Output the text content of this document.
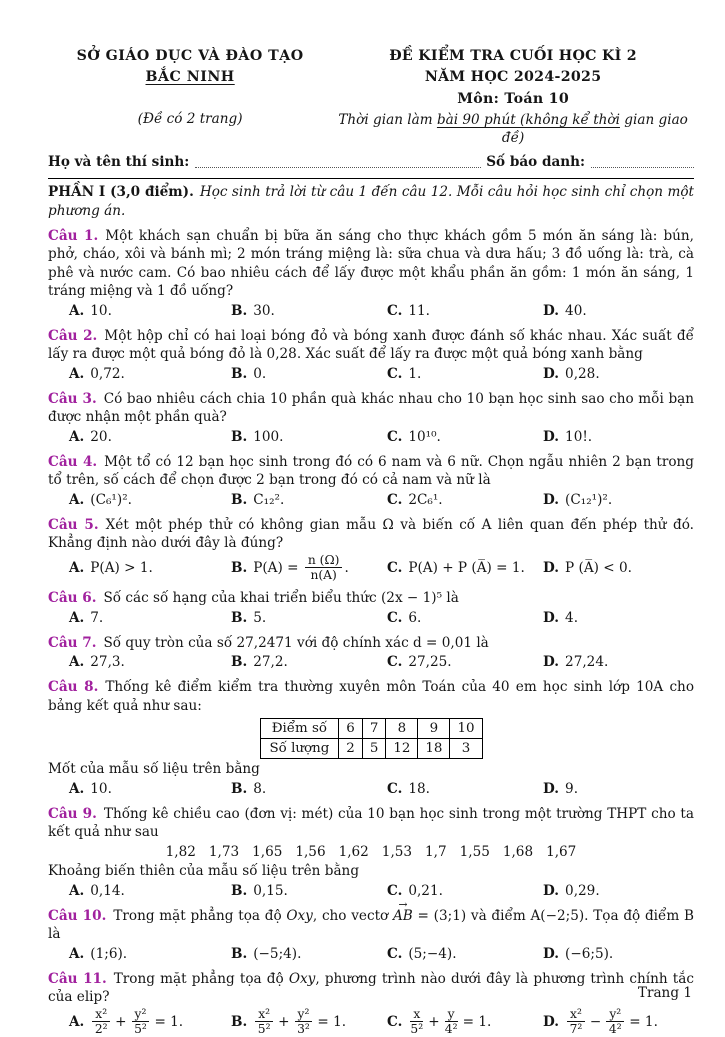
SỞ GIÁO DỤC VÀ ĐÀO TẠO
BẮC NINH
(Đề có 2 trang)
ĐỀ KIỂM TRA CUỐI HỌC KÌ 2
NĂM HỌC 2024-2025
Môn: Toán 10
Thời gian làm bài 90 phút (không kể thời gian giao đề)
Họ và tên thí sinh:	Số báo danh:

PHẦN I (3,0 điểm). Học sinh trả lời từ câu 1 đến câu 12. Mỗi câu hỏi học sinh chỉ chọn một phương án.

Câu 1. Một khách sạn chuẩn bị bữa ăn sáng cho thực khách gồm 5 món ăn sáng là: bún, phở, cháo, xôi và bánh mì; 2 món tráng miệng là: sữa chua và dưa hấu; 3 đồ uống là: trà, cà phê và nước cam. Có bao nhiêu cách để lấy được một khẩu phần ăn gồm: 1 món ăn sáng, 1 tráng miệng và 1 đồ uống?

A. 10.	B. 30.	C. 11.	D. 40.

Câu 2. Một hộp chỉ có hai loại bóng đỏ và bóng xanh được đánh số khác nhau. Xác suất để lấy ra được một quả bóng đỏ là 0,28. Xác suất để lấy ra được một quả bóng xanh bằng

A. 0,72.	B. 0.	C. 1.	D. 0,28.

Câu 3. Có bao nhiêu cách chia 10 phần quà khác nhau cho 10 bạn học sinh sao cho mỗi bạn được nhận một phần quà?

A. 20.	B. 100.	C. 10¹⁰.	D. 10!.

Câu 4. Một tổ có 12 bạn học sinh trong đó có 6 nam và 6 nữ. Chọn ngẫu nhiên 2 bạn trong tổ trên, số cách để chọn được 2 bạn trong đó có cả nam và nữ là

A. (C₆¹)².	B. C₁₂².	C. 2C₆¹.	D. (C₁₂¹)².

Câu 5. Xét một phép thử có không gian mẫu Ω và biến cố A liên quan đến phép thử đó. Khẳng định nào dưới đây là đúng?

A. P(A) > 1.	B. $P(A) = \frac{n (\Omega)}{n(A)}$ .	C. P(A) + P (A̅) = 1.	D. P (A̅) < 0.

Câu 6. Số các số hạng của khai triển biểu thức (2x − 1)⁵ là

A. 7.	B. 5.	C. 6.	D. 4.

Câu 7. Số quy tròn của số 27,2471 với độ chính xác d = 0,01 là

A. 27,3.	B. 27,2.	C. 27,25.	D. 27,24.

Câu 8. Thống kê điểm kiểm tra thường xuyên môn Toán của 40 em học sinh lớp 10A cho bảng kết quả như sau:

Điểm số	6	7	8	9	10
Số lượng	2	5	12	18	3

Mốt của mẫu số liệu trên bằng

A. 10.	B. 8.	C. 18.	D. 9.

Câu 9. Thống kê chiều cao (đơn vị: mét) của 10 bạn học sinh trong một trường THPT cho ta kết quả như sau

1,82   1,73   1,65   1,56   1,62   1,53   1,7   1,55   1,68   1,67

Khoảng biến thiên của mẫu số liệu trên bằng

A. 0,14.	B. 0,15.	C. 0,21.	D. 0,29.

Câu 10. Trong mặt phẳng tọa độ Oxy, cho vectơ AB → = (3;1) và điểm A(−2;5). Tọa độ điểm B là

A. (1;6).	B. (−5;4).	C. (5;−4).	D. (−6;5).

Câu 11. Trong mặt phẳng tọa độ Oxy, phương trình nào dưới đây là phương trình chính tắc của elip?

A. $\frac{\text{x²}}{\text{2²}} + \frac{\text{y²}}{\text{5²}} = 1$.	B. $\frac{\text{x²}}{\text{5²}} + \frac{\text{y²}}{\text{3²}} = 1$.	C. $\frac{x}{\text{5²}} + \frac{y}{\text{4²}} = 1$.	D. $\frac{\text{x²}}{\text{7²}} - \frac{\text{y²}}{\text{4²}} = 1$.
Trang 1
